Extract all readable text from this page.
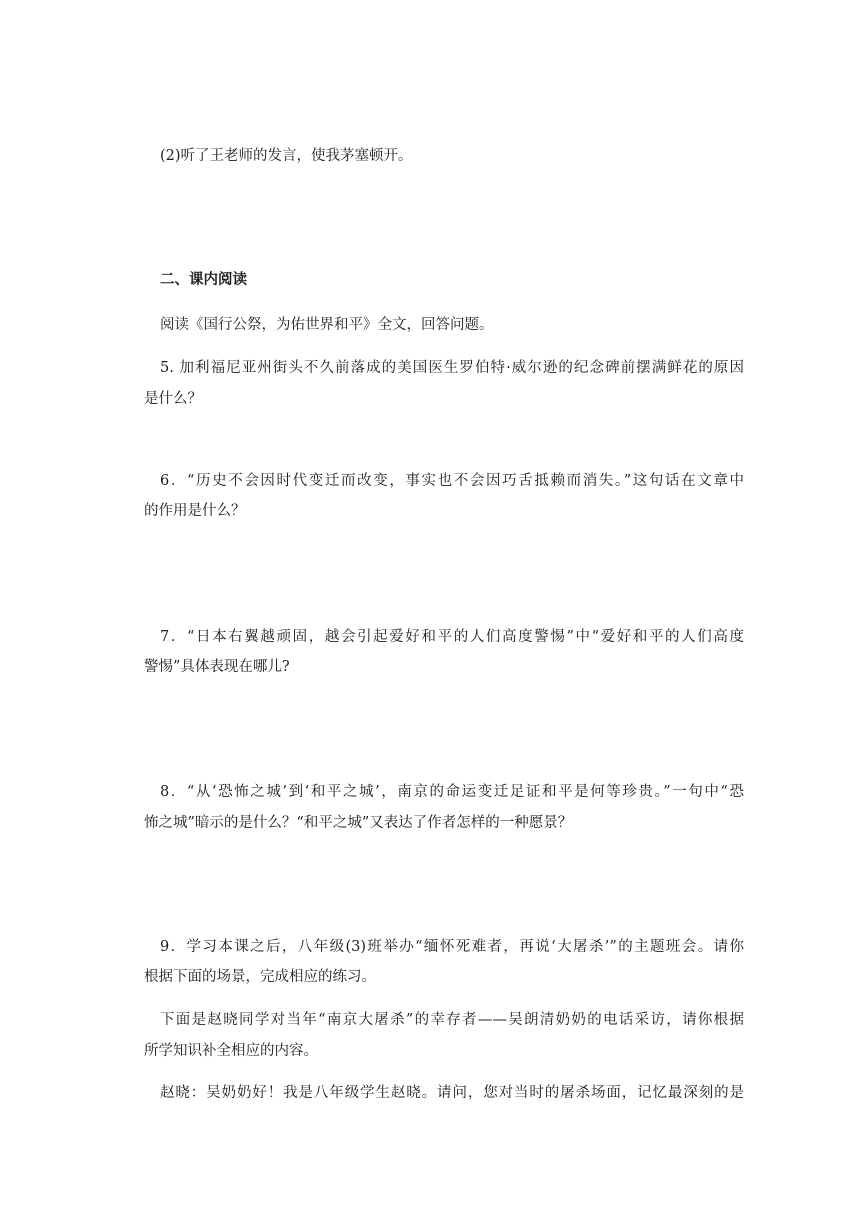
(2)听了王老师的发言，使我茅塞顿开。
二、课内阅读
阅读《国行公祭，为佑世界和平》全文，回答问题。
5. 加利福尼亚州街头不久前落成的美国医生罗伯特·威尔逊的纪念碑前摆满鲜花的原因
是什么？
6．“历史不会因时代变迁而改变，事实也不会因巧舌抵赖而消失。”这句话在文章中
的作用是什么？
7．“日本右翼越顽固，越会引起爱好和平的人们高度警惕”中“爱好和平的人们高度
警惕”具体表现在哪儿?
8．“从‘恐怖之城’到‘和平之城’，南京的命运变迁足证和平是何等珍贵。”一句中“恐
怖之城”暗示的是什么？“和平之城”又表达了作者怎样的一种愿景？
9．学习本课之后，八年级(3)班举办“缅怀死难者，再说‘大屠杀’”的主题班会。请你
根据下面的场景，完成相应的练习。
下面是赵晓同学对当年“南京大屠杀”的幸存者——吴朗清奶奶的电话采访，请你根据
所学知识补全相应的内容。
赵晓：吴奶奶好！我是八年级学生赵晓。请问，您对当时的屠杀场面，记忆最深刻的是
